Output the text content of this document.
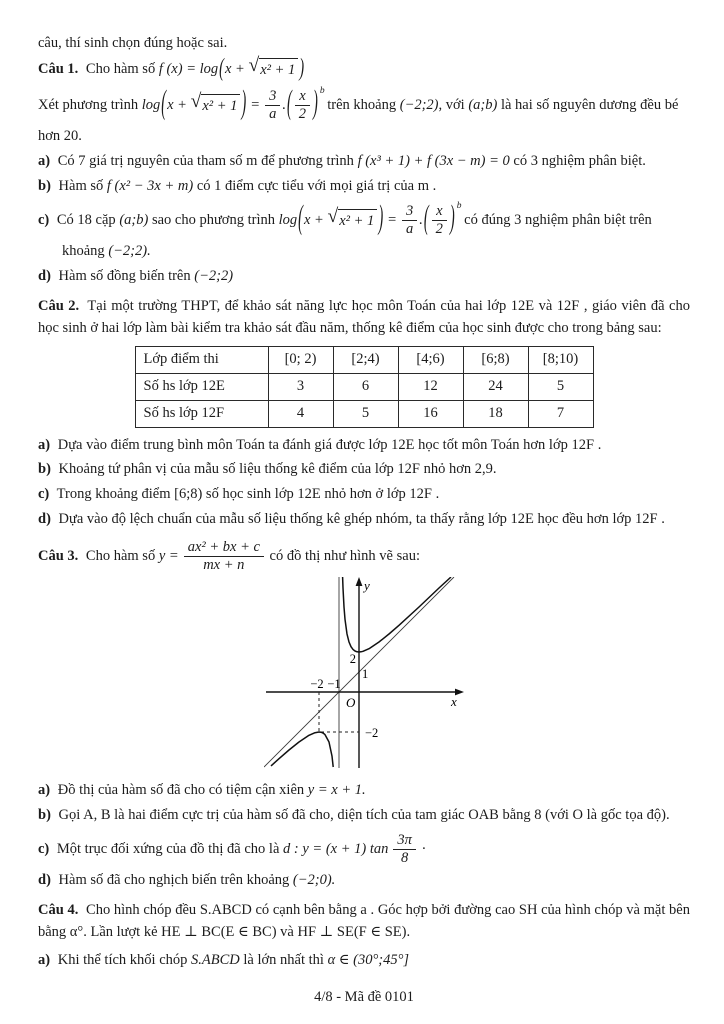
câu, thí sinh chọn đúng hoặc sai.
Câu 1. Cho hàm số f (x) = log ( x +
√ x² + 1 )
Xét phương trình log ( x +
√ x² + 1 ) = $\frac{3}{a}$ . ( $\frac{x}{2}$ ) b
trên khoảng (−2;2), với (a;b) là hai số nguyên dương đều bé
hơn 20.
a) Có 7 giá trị nguyên của tham số m để phương trình f (x³ + 1) + f (3x − m) = 0 có 3 nghiệm phân biệt.
b) Hàm số f (x² − 3x + m) có 1 điểm cực tiểu với mọi giá trị của m .
c) Có 18 cặp (a;b) sao cho phương trình log ( x +
√ x² + 1 ) = $\frac{3}{a}$ . ( $\frac{x}{2}$ ) b
có đúng 3 nghiệm phân biệt trên
khoảng (−2;2).
d) Hàm số đồng biến trên (−2;2)
Câu 2. Tại một trường THPT, để khảo sát năng lực học môn Toán của hai lớp 12E và 12F , giáo viên đã cho học sinh ở hai lớp làm bài kiểm tra khảo sát đầu năm, thống kê điểm của học sinh được cho trong bảng sau:
Lớp điểm thi	[0; 2)	[2;4)	[4;6)	[6;8)	[8;10)
Số hs lớp 12E	3	6	12	24	5
Số hs lớp 12F	4	5	16	18	7
a) Dựa vào điểm trung bình môn Toán ta đánh giá được lớp 12E học tốt môn Toán hơn lớp 12F .
b) Khoảng tứ phân vị của mẫu số liệu thống kê điểm của lớp 12F nhỏ hơn 2,9.
c) Trong khoảng điểm [6;8) số học sinh lớp 12E nhỏ hơn ở lớp 12F .
d) Dựa vào độ lệch chuẩn của mẫu số liệu thống kê ghép nhóm, ta thấy rằng lớp 12E học đều hơn lớp 12F .
Câu 3. Cho hàm số $y = \frac{\text{ax² + bx + c}}{mx + n}$ có đồ thị như hình vẽ sau:
y
x
O
2
1
−2 −1
−2
a) Đồ thị của hàm số đã cho có tiệm cận xiên y = x + 1.
b) Gọi A, B là hai điểm cực trị của hàm số đã cho, diện tích của tam giác OAB bằng 8 (với O là gốc tọa độ).
c) Một trục đối xứng của đồ thị đã cho là d : y = (x + 1) $\tan \frac{3\pi}{8}$ ·
d) Hàm số đã cho nghịch biến trên khoảng (−2;0).
Câu 4. Cho hình chóp đều S.ABCD có cạnh bên bằng a . Góc hợp bởi đường cao SH của hình chóp và mặt bên bằng α°. Lần lượt kẻ HE ⊥ BC(E ∈ BC) và HF ⊥ SE(F ∈ SE).
a) Khi thể tích khối chóp S.ABCD là lớn nhất thì α ∈ (30°;45°]
4/8 - Mã đề 0101
